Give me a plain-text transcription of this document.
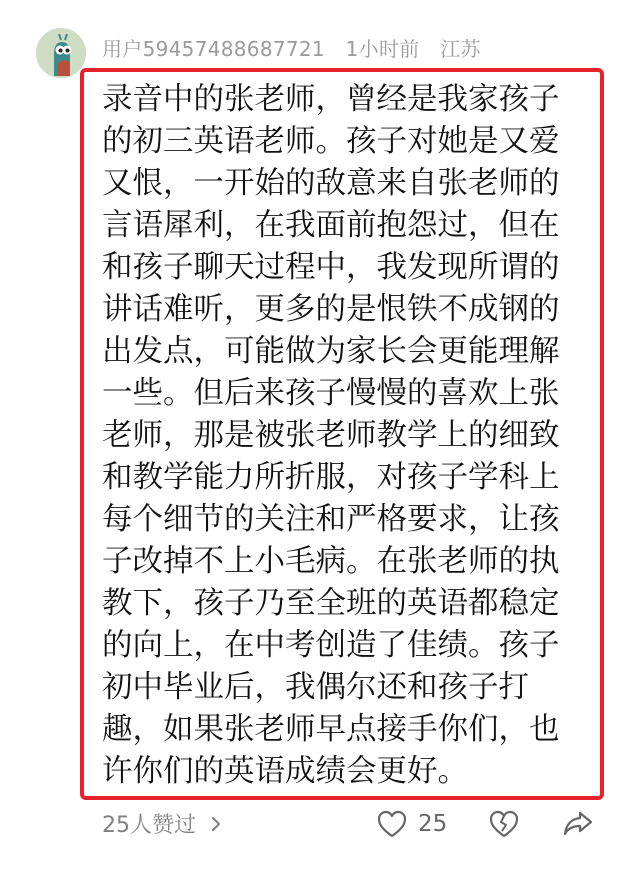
用户59457488687721 1小时前 江苏
录音中的张老师，曾经是我家孩子
的初三英语老师。孩子对她是又爱
又恨，一开始的敌意来自张老师的
言语犀利，在我面前抱怨过，但在
和孩子聊天过程中，我发现所谓的
讲话难听，更多的是恨铁不成钢的
出发点，可能做为家长会更能理解
一些。但后来孩子慢慢的喜欢上张
老师，那是被张老师教学上的细致
和教学能力所折服，对孩子学科上
每个细节的关注和严格要求，让孩
子改掉不上小毛病。在张老师的执
教下，孩子乃至全班的英语都稳定
的向上，在中考创造了佳绩。孩子
初中毕业后，我偶尔还和孩子打
趣，如果张老师早点接手你们，也
许你们的英语成绩会更好。
25人赞过	25
